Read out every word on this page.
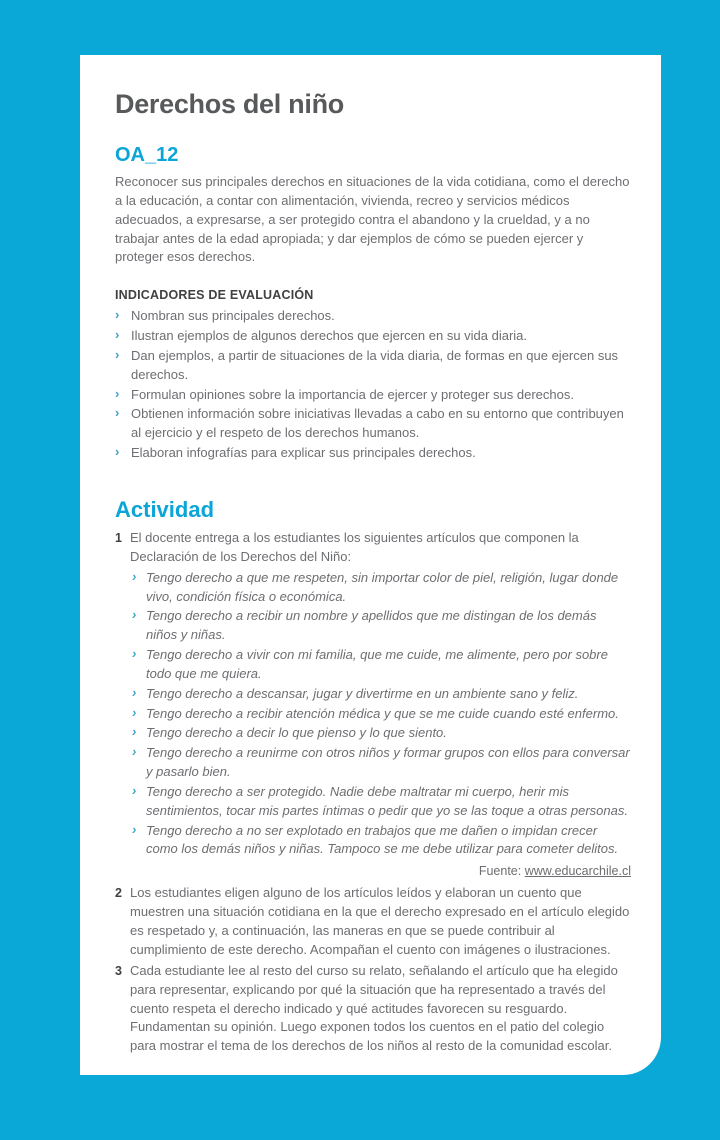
Derechos del niño
OA_12

Reconocer sus principales derechos en situaciones de la vida cotidiana, como el derecho a la educación, a contar con alimentación, vivienda, recreo y servicios médicos adecuados, a expresarse, a ser protegido contra el abandono y la crueldad, y a no trabajar antes de la edad apropiada; y dar ejemplos de cómo se pueden ejercer y proteger esos derechos.

INDICADORES DE EVALUACIÓN
› Nombran sus principales derechos.
› Ilustran ejemplos de algunos derechos que ejercen en su vida diaria.
› Dan ejemplos, a partir de situaciones de la vida diaria, de formas en que ejercen sus derechos.
› Formulan opiniones sobre la importancia de ejercer y proteger sus derechos.
› Obtienen información sobre iniciativas llevadas a cabo en su entorno que contribuyen al ejercicio y el respeto de los derechos humanos.
› Elaboran infografías para explicar sus principales derechos.
Actividad
1 El docente entrega a los estudiantes los siguientes artículos que componen la Declaración de los Derechos del Niño:
› Tengo derecho a que me respeten, sin importar color de piel, religión, lugar donde vivo, condición física o económica.
› Tengo derecho a recibir un nombre y apellidos que me distingan de los demás niños y niñas.
› Tengo derecho a vivir con mi familia, que me cuide, me alimente, pero por sobre todo que me quiera.
› Tengo derecho a descansar, jugar y divertirme en un ambiente sano y feliz.
› Tengo derecho a recibir atención médica y que se me cuide cuando esté enfermo.
› Tengo derecho a decir lo que pienso y lo que siento.
› Tengo derecho a reunirme con otros niños y formar grupos con ellos para conversar y pasarlo bien.
› Tengo derecho a ser protegido. Nadie debe maltratar mi cuerpo, herir mis sentimientos, tocar mis partes íntimas o pedir que yo se las toque a otras personas.
› Tengo derecho a no ser explotado en trabajos que me dañen o impidan crecer como los demás niños y niñas. Tampoco se me debe utilizar para cometer delitos.
Fuente: www.educarchile.cl
2 Los estudiantes eligen alguno de los artículos leídos y elaboran un cuento que muestren una situación cotidiana en la que el derecho expresado en el artículo elegido es respetado y, a continuación, las maneras en que se puede contribuir al cumplimiento de este derecho. Acompañan el cuento con imágenes o ilustraciones.
3 Cada estudiante lee al resto del curso su relato, señalando el artículo que ha elegido para representar, explicando por qué la situación que ha representado a través del cuento respeta el derecho indicado y qué actitudes favorecen su resguardo. Fundamentan su opinión. Luego exponen todos los cuentos en el patio del colegio para mostrar el tema de los derechos de los niños al resto de la comunidad escolar.
